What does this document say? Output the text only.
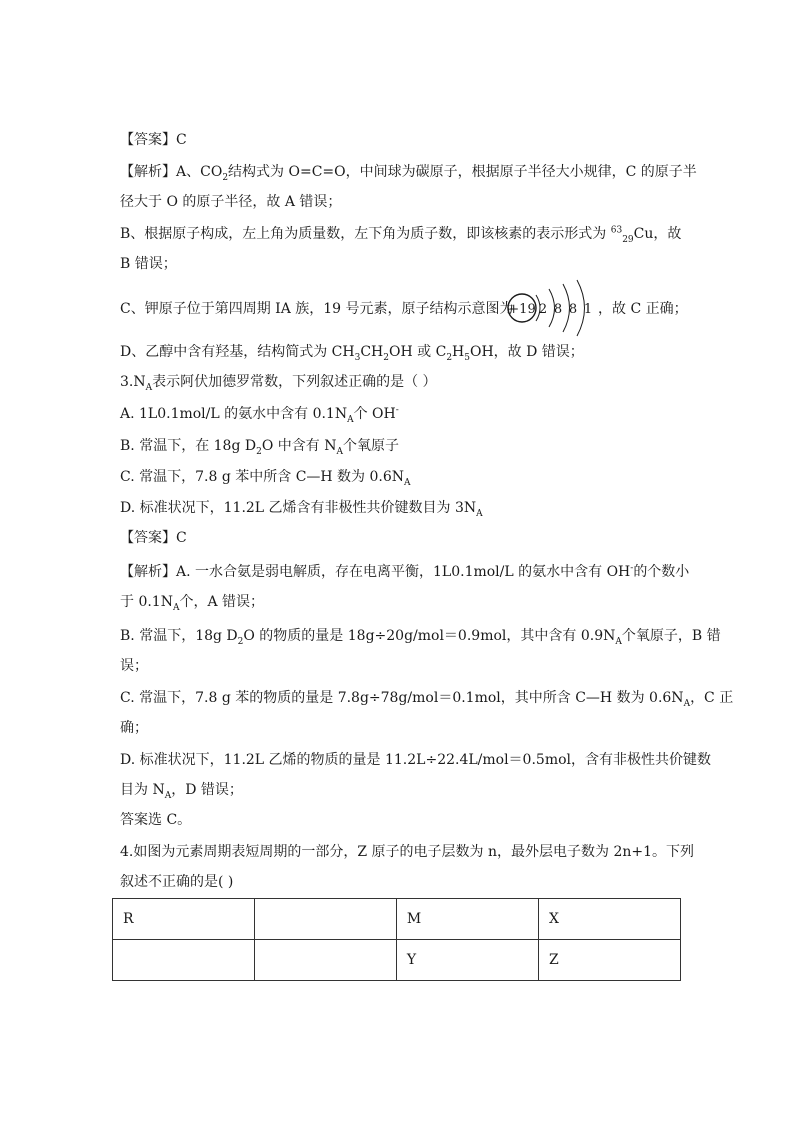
【答案】C
【解析】A、$CO_2$结构式为 O=C=O，中间球为碳原子，根据原子半径大小规律，C 的原子半
径大于 O 的原子半径，故 A 错误；
B、根据原子构成，左上角为质量数，左下角为质子数，即该核素的表示形式为 $^{63}_{29}$Cu，故
B 错误；
C、钾原子位于第四周期 IA 族，19 号元素，原子结构示意图为
+19 2 8 8 1 ，故 C 正确；
D、乙醇中含有羟基，结构简式为 $CH_3CH_2OH$ 或 $C_2H_5OH$，故 D 错误；
$3.N_A$表示阿伏加德罗常数，下列叙述正确的是（ ）
A. 1L0.1mol/L 的氨水中含有 $0.1N_A$个 OH-
B. 常温下，在 18g $D_2O$ 中含有 $N_A$个氧原子
C. 常温下，7.8 g 苯中所含 C—H 数为 $0.6N_A$
D. 标准状况下，11.2L 乙烯含有非极性共价键数目为 $3N_A$
【答案】C
【解析】A. 一水合氨是弱电解质，存在电离平衡，1L0.1mol/L 的氨水中含有 OH-的个数小
于 $0.1N_A$个，A 错误；
B. 常温下，18g $D_2O$ 的物质的量是 18g÷20g/mol＝0.9mol，其中含有 $0.9N_A$个氧原子，B 错
误；
C. 常温下，7.8 g 苯的物质的量是 7.8g÷78g/mol＝0.1mol，其中所含 C—H 数为 $0.6N_A$，C 正
确；
D. 标准状况下，11.2L 乙烯的物质的量是 11.2L÷22.4L/mol＝0.5mol，含有非极性共价键数
目为 $N_A$，D 错误；
答案选 C。
4.如图为元素周期表短周期的一部分，Z 原子的电子层数为 n，最外层电子数为 2n+1。下列
叙述不正确的是( )
R		M	X
		Y	Z
